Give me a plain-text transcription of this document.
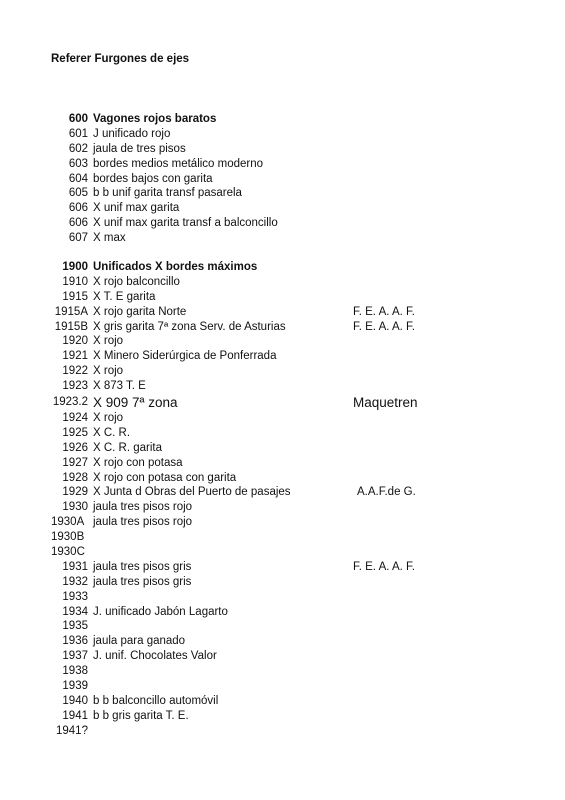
Referer Furgones de ejes
600 Vagones rojos baratos
601 J unificado rojo
602 jaula de tres pisos
603 bordes medios metálico moderno
604 bordes bajos con garita
605 b b unif garita transf pasarela
606 X unif max garita
606 X unif max garita transf a balconcillo
607 X max
1900 Unificados X bordes máximos
1910 X rojo balconcillo
1915 X T. E garita
1915A X rojo garita Norte	F. E. A. A. F.
1915B X gris garita 7ª zona Serv. de Asturias	F. E. A. A. F.
1920 X rojo
1921 X Minero Siderúrgica de Ponferrada
1922 X rojo
1923 X 873 T. E
1923.2 X 909 7ª zona	Maquetren
1924 X rojo
1925 X C. R.
1926 X C. R. garita
1927 X rojo con potasa
1928 X rojo con potasa con garita
1929 X Junta d Obras del Puerto de pasajes	A.A.F.de G.
1930 jaula tres pisos rojo
1930A jaula tres pisos rojo
1930B
1930C
1931 jaula tres pisos gris	F. E. A. A. F.
1932 jaula tres pisos gris
1933
1934 J. unificado Jabón Lagarto
1935
1936 jaula para ganado
1937 J. unif. Chocolates Valor
1938
1939
1940 b b balconcillo automóvil
1941 b b gris garita T. E.
1941?
